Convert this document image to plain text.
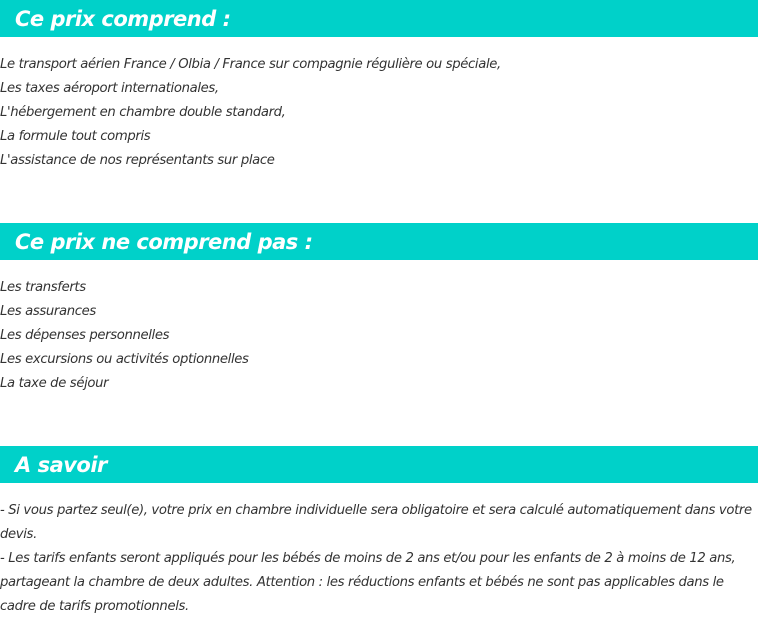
Ce prix comprend :
Le transport aérien France / Olbia / France sur compagnie régulière ou spéciale,
Les taxes aéroport internationales,
L'hébergement en chambre double standard,
La formule tout compris
L'assistance de nos représentants sur place
Ce prix ne comprend pas :
Les transferts
Les assurances
Les dépenses personnelles
Les excursions ou activités optionnelles
La taxe de séjour
A savoir

- Si vous partez seul(e), votre prix en chambre individuelle sera obligatoire et sera calculé automatiquement dans votre devis.

- Les tarifs enfants seront appliqués pour les bébés de moins de 2 ans et/ou pour les enfants de 2 à moins de 12 ans, partageant la chambre de deux adultes. Attention : les réductions enfants et bébés ne sont pas applicables dans le cadre de tarifs promotionnels.
